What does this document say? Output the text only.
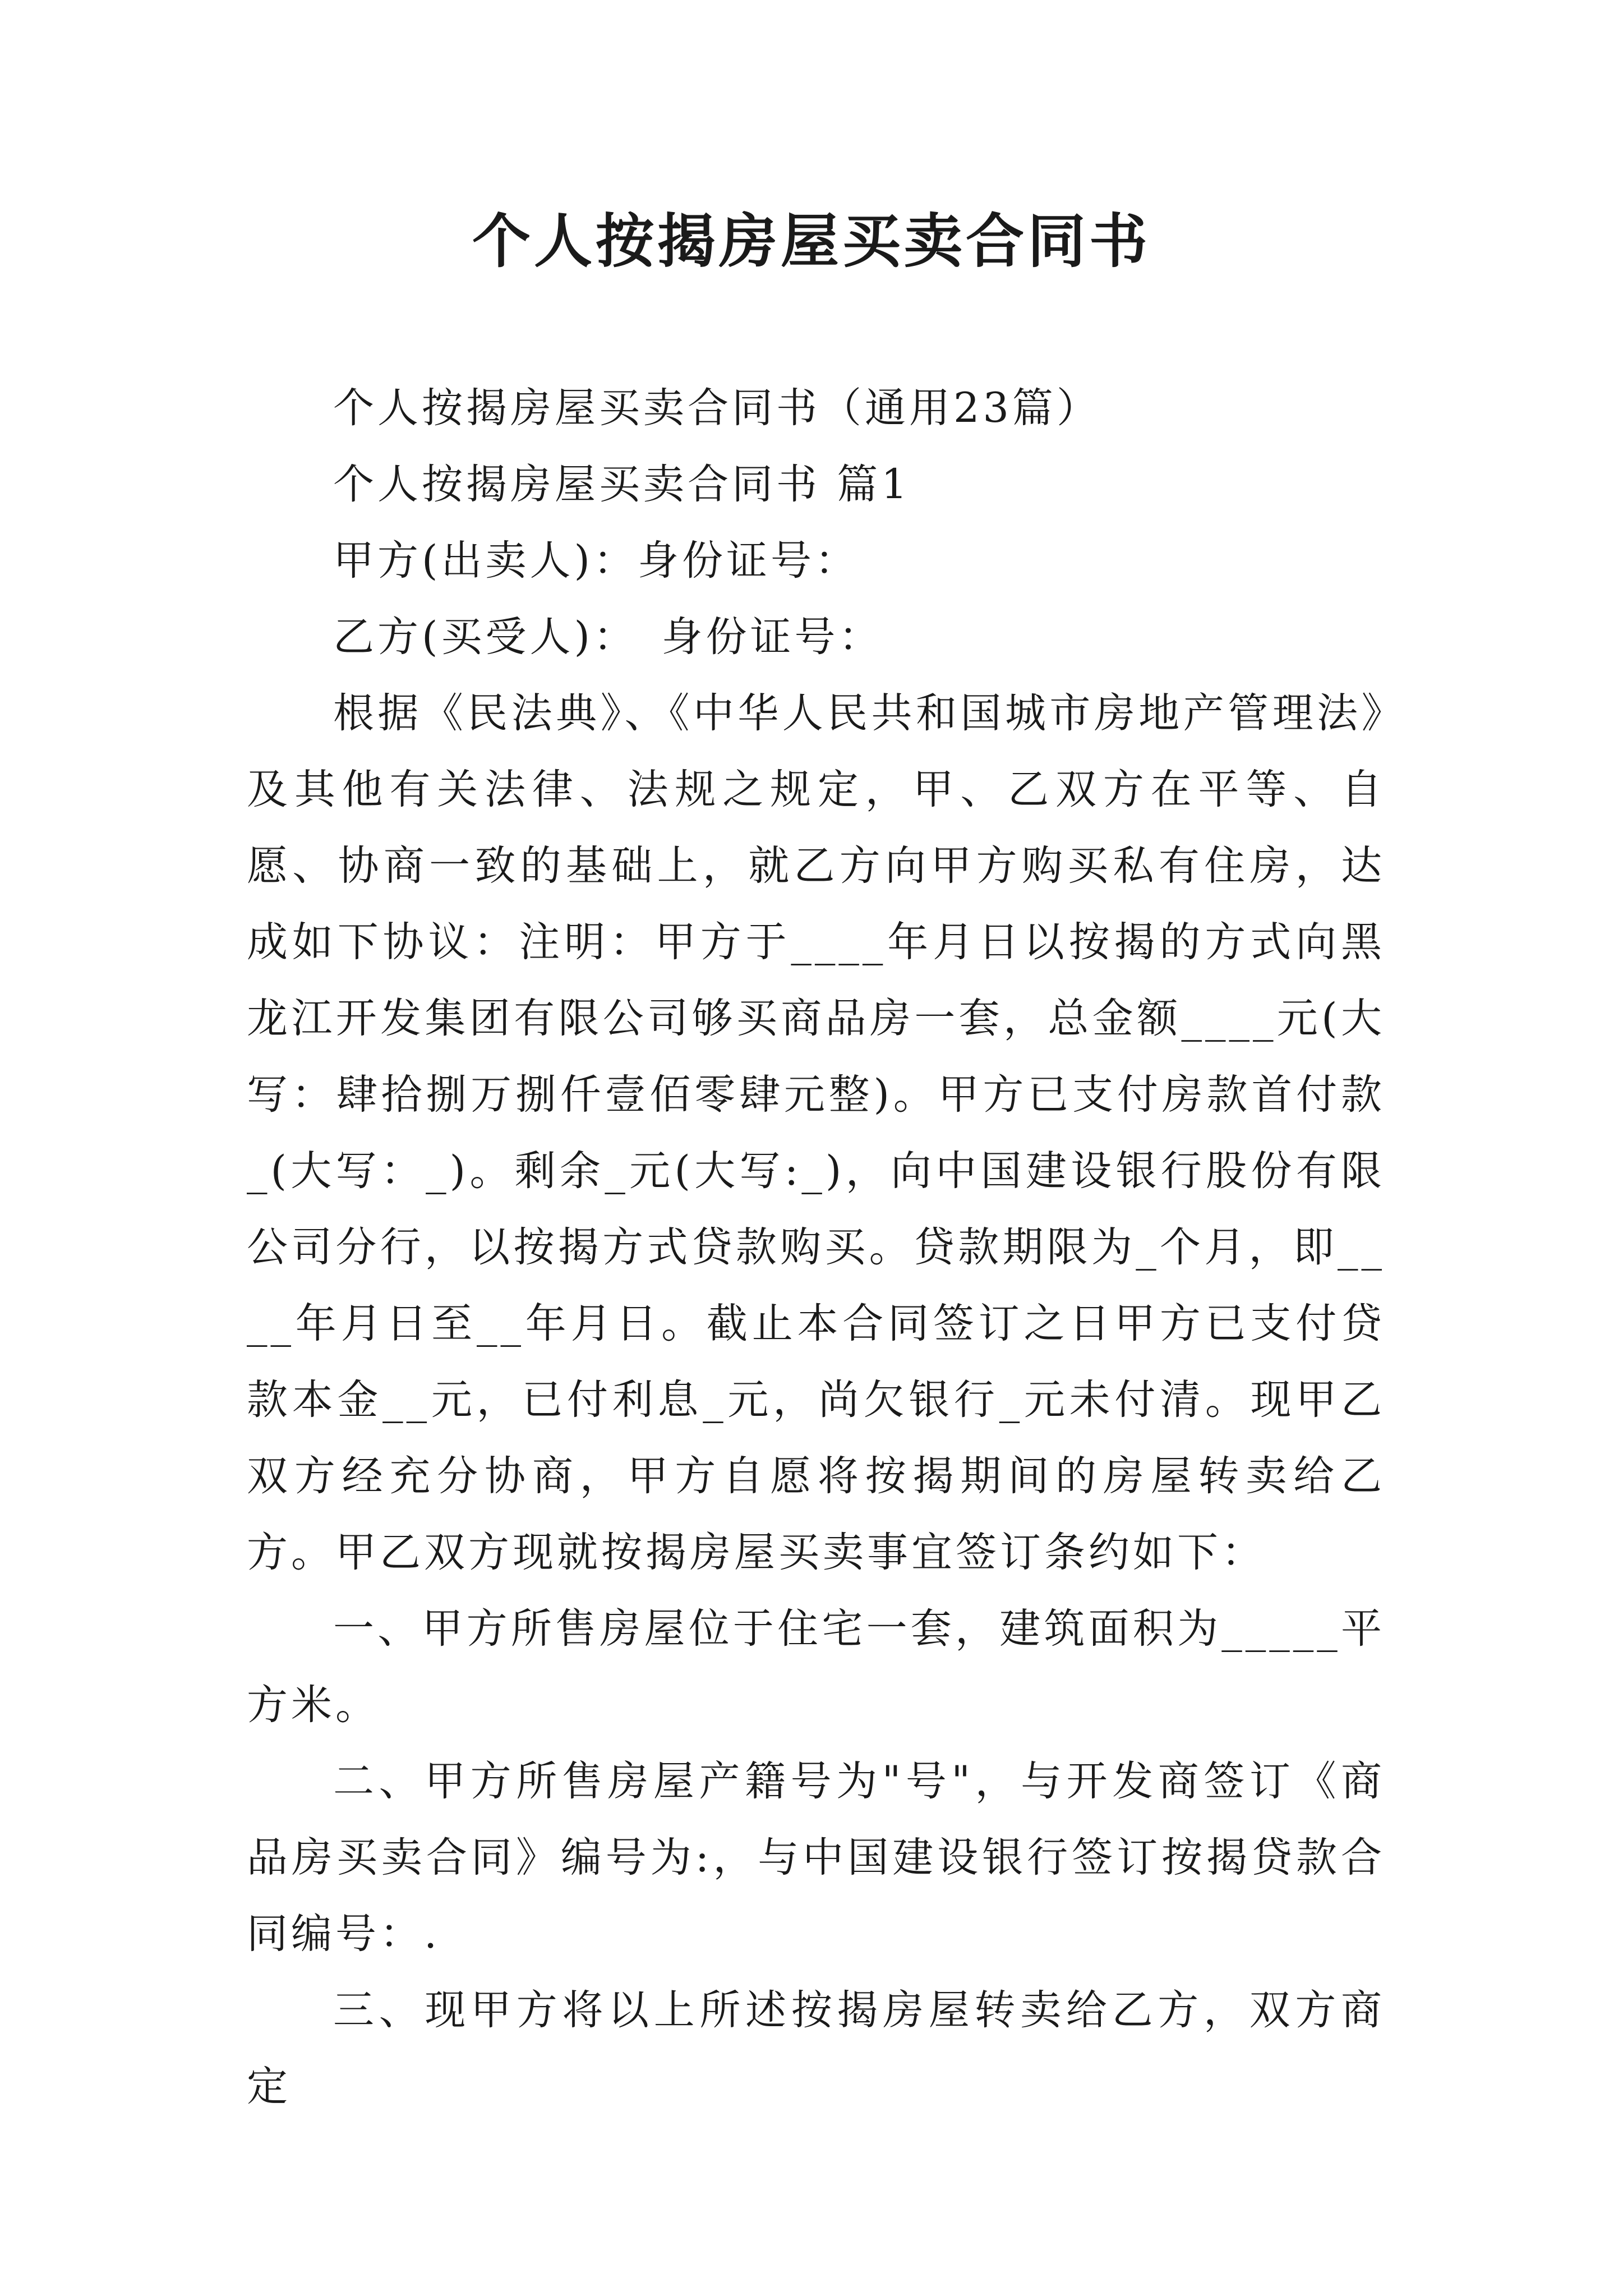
个人按揭房屋买卖合同书

个人按揭房屋买卖合同书（通用23篇）

个人按揭房屋买卖合同书 篇1

甲方(出卖人)：身份证号：

乙方(买受人)：　身份证号：

根据《民法典》、《中华人民共和国城市房地产管理法》及其他有关法律、法规之规定，甲、乙双方在平等、自愿、协商一致的基础上，就乙方向甲方购买私有住房，达成如下协议：注明：甲方于____年月日以按揭的方式向黑龙江开发集团有限公司够买商品房一套，总金额____元(大写：肆拾捌万捌仟壹佰零肆元整)。甲方已支付房款首付款_(大写：_)。剩余_元(大写:_)，向中国建设银行股份有限公司分行，以按揭方式贷款购买。贷款期限为_个月，即____年月日至__年月日。截止本合同签订之日甲方已支付贷款本金__元，已付利息_元，尚欠银行_元未付清。现甲乙双方经充分协商，甲方自愿将按揭期间的房屋转卖给乙方。甲乙双方现就按揭房屋买卖事宜签订条约如下：

一、甲方所售房屋位于住宅一套，建筑面积为_____平方米。

二、甲方所售房屋产籍号为"号"，与开发商签订《商品房买卖合同》编号为:，与中国建设银行签订按揭贷款合同编号：.

三、现甲方将以上所述按揭房屋转卖给乙方，双方商定
